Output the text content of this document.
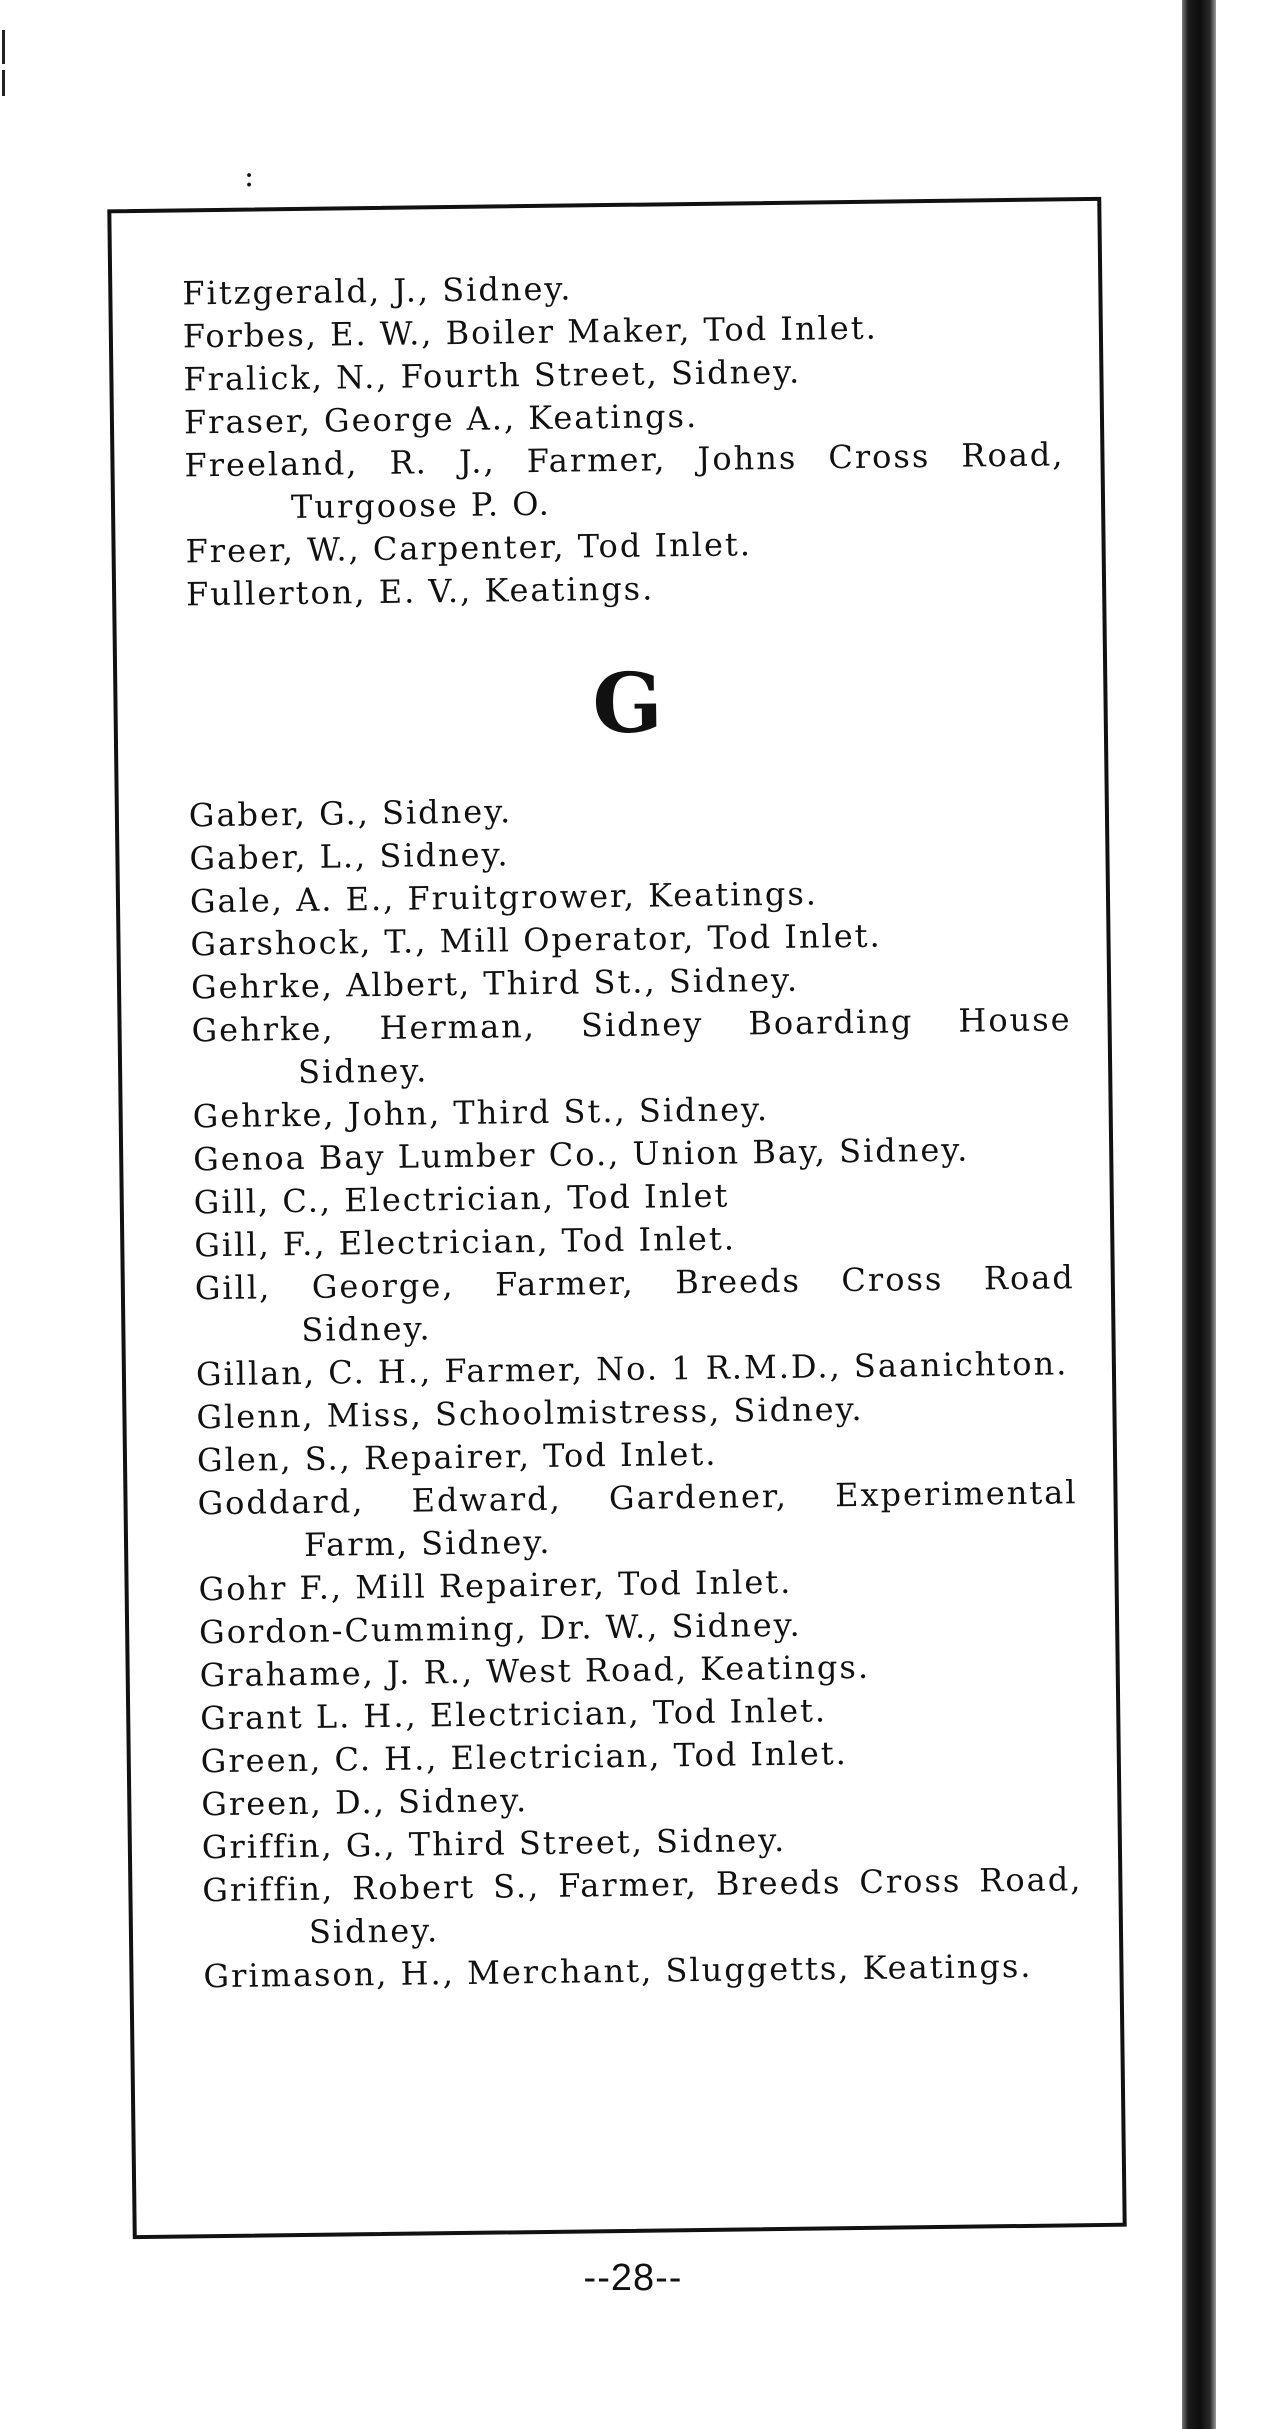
:

Fitzgerald, J., Sidney.

Forbes, E. W., Boiler Maker, Tod Inlet.

Fralick, N., Fourth Street, Sidney.

Fraser, George A., Keatings.

Freeland, R. J., Farmer, Johns Cross Road, Turgoose P. O.

Freer, W., Carpenter, Tod Inlet.

Fullerton, E. V., Keatings.

G

Gaber, G., Sidney.

Gaber, L., Sidney.

Gale, A. E., Fruitgrower, Keatings.

Garshock, T., Mill Operator, Tod Inlet.

Gehrke, Albert, Third St., Sidney.

Gehrke, Herman, Sidney Boarding House Sidney.

Gehrke, John, Third St., Sidney.

Genoa Bay Lumber Co., Union Bay, Sidney.

Gill, C., Electrician, Tod Inlet

Gill, F., Electrician, Tod Inlet.

Gill, George, Farmer, Breeds Cross Road Sidney.

Gillan, C. H., Farmer, No. 1 R.M.D., Saanichton.

Glenn, Miss, Schoolmistress, Sidney.

Glen, S., Repairer, Tod Inlet.

Goddard, Edward, Gardener, Experimental Farm, Sidney.

Gohr F., Mill Repairer, Tod Inlet.

Gordon-Cumming, Dr. W., Sidney.

Grahame, J. R., West Road, Keatings.

Grant L. H., Electrician, Tod Inlet.

Green, C. H., Electrician, Tod Inlet.

Green, D., Sidney.

Griffin, G., Third Street, Sidney.

Griffin, Robert S., Farmer, Breeds Cross Road, Sidney.

Grimason, H., Merchant, Sluggetts, Keatings.

--28--
